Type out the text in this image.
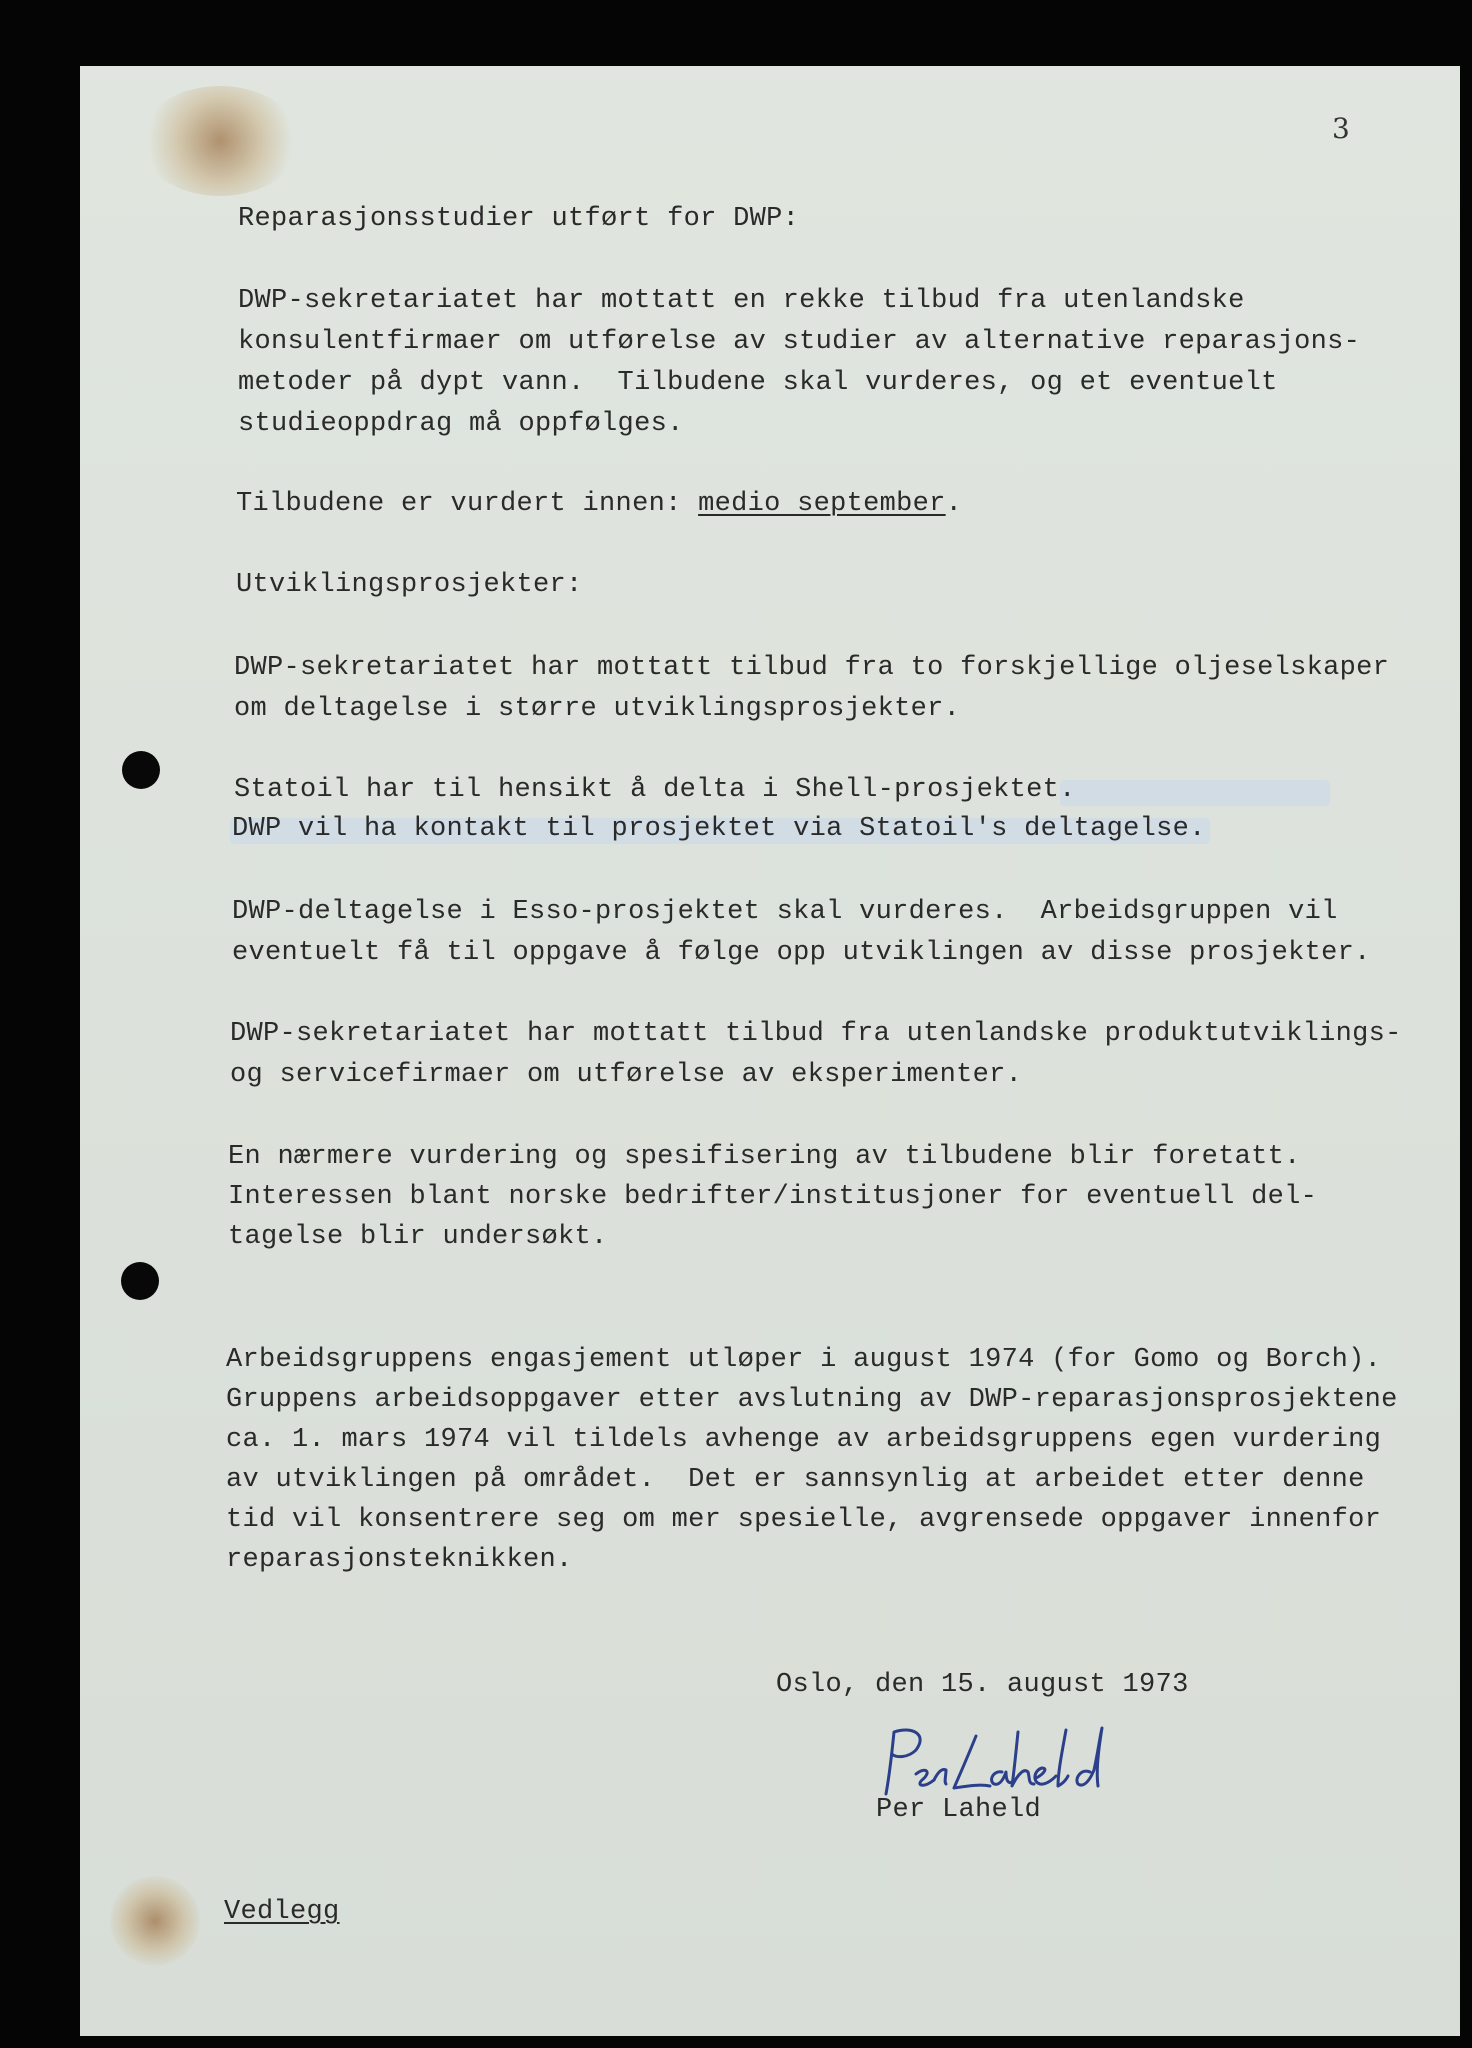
3
Reparasjonsstudier utført for DWP:
DWP-sekretariatet har mottatt en rekke tilbud fra utenlandske
konsulentfirmaer om utførelse av studier av alternative reparasjons-
metoder på dypt vann.  Tilbudene skal vurderes, og et eventuelt
studieoppdrag må oppfølges.
Tilbudene er vurdert innen: medio september.
Utviklingsprosjekter:
DWP-sekretariatet har mottatt tilbud fra to forskjellige oljeselskaper
om deltagelse i større utviklingsprosjekter.
Statoil har til hensikt å delta i Shell-prosjektet.
DWP vil ha kontakt til prosjektet via Statoil's deltagelse.
DWP-deltagelse i Esso-prosjektet skal vurderes.  Arbeidsgruppen vil
eventuelt få til oppgave å følge opp utviklingen av disse prosjekter.
DWP-sekretariatet har mottatt tilbud fra utenlandske produktutviklings-
og servicefirmaer om utførelse av eksperimenter.
En nærmere vurdering og spesifisering av tilbudene blir foretatt.
Interessen blant norske bedrifter/institusjoner for eventuell del-
tagelse blir undersøkt.
Arbeidsgruppens engasjement utløper i august 1974 (for Gomo og Borch).
Gruppens arbeidsoppgaver etter avslutning av DWP-reparasjonsprosjektene
ca. 1. mars 1974 vil tildels avhenge av arbeidsgruppens egen vurdering
av utviklingen på området.  Det er sannsynlig at arbeidet etter denne
tid vil konsentrere seg om mer spesielle, avgrensede oppgaver innenfor
reparasjonsteknikken.
Oslo, den 15. august 1973
Per Laheld
Vedlegg
